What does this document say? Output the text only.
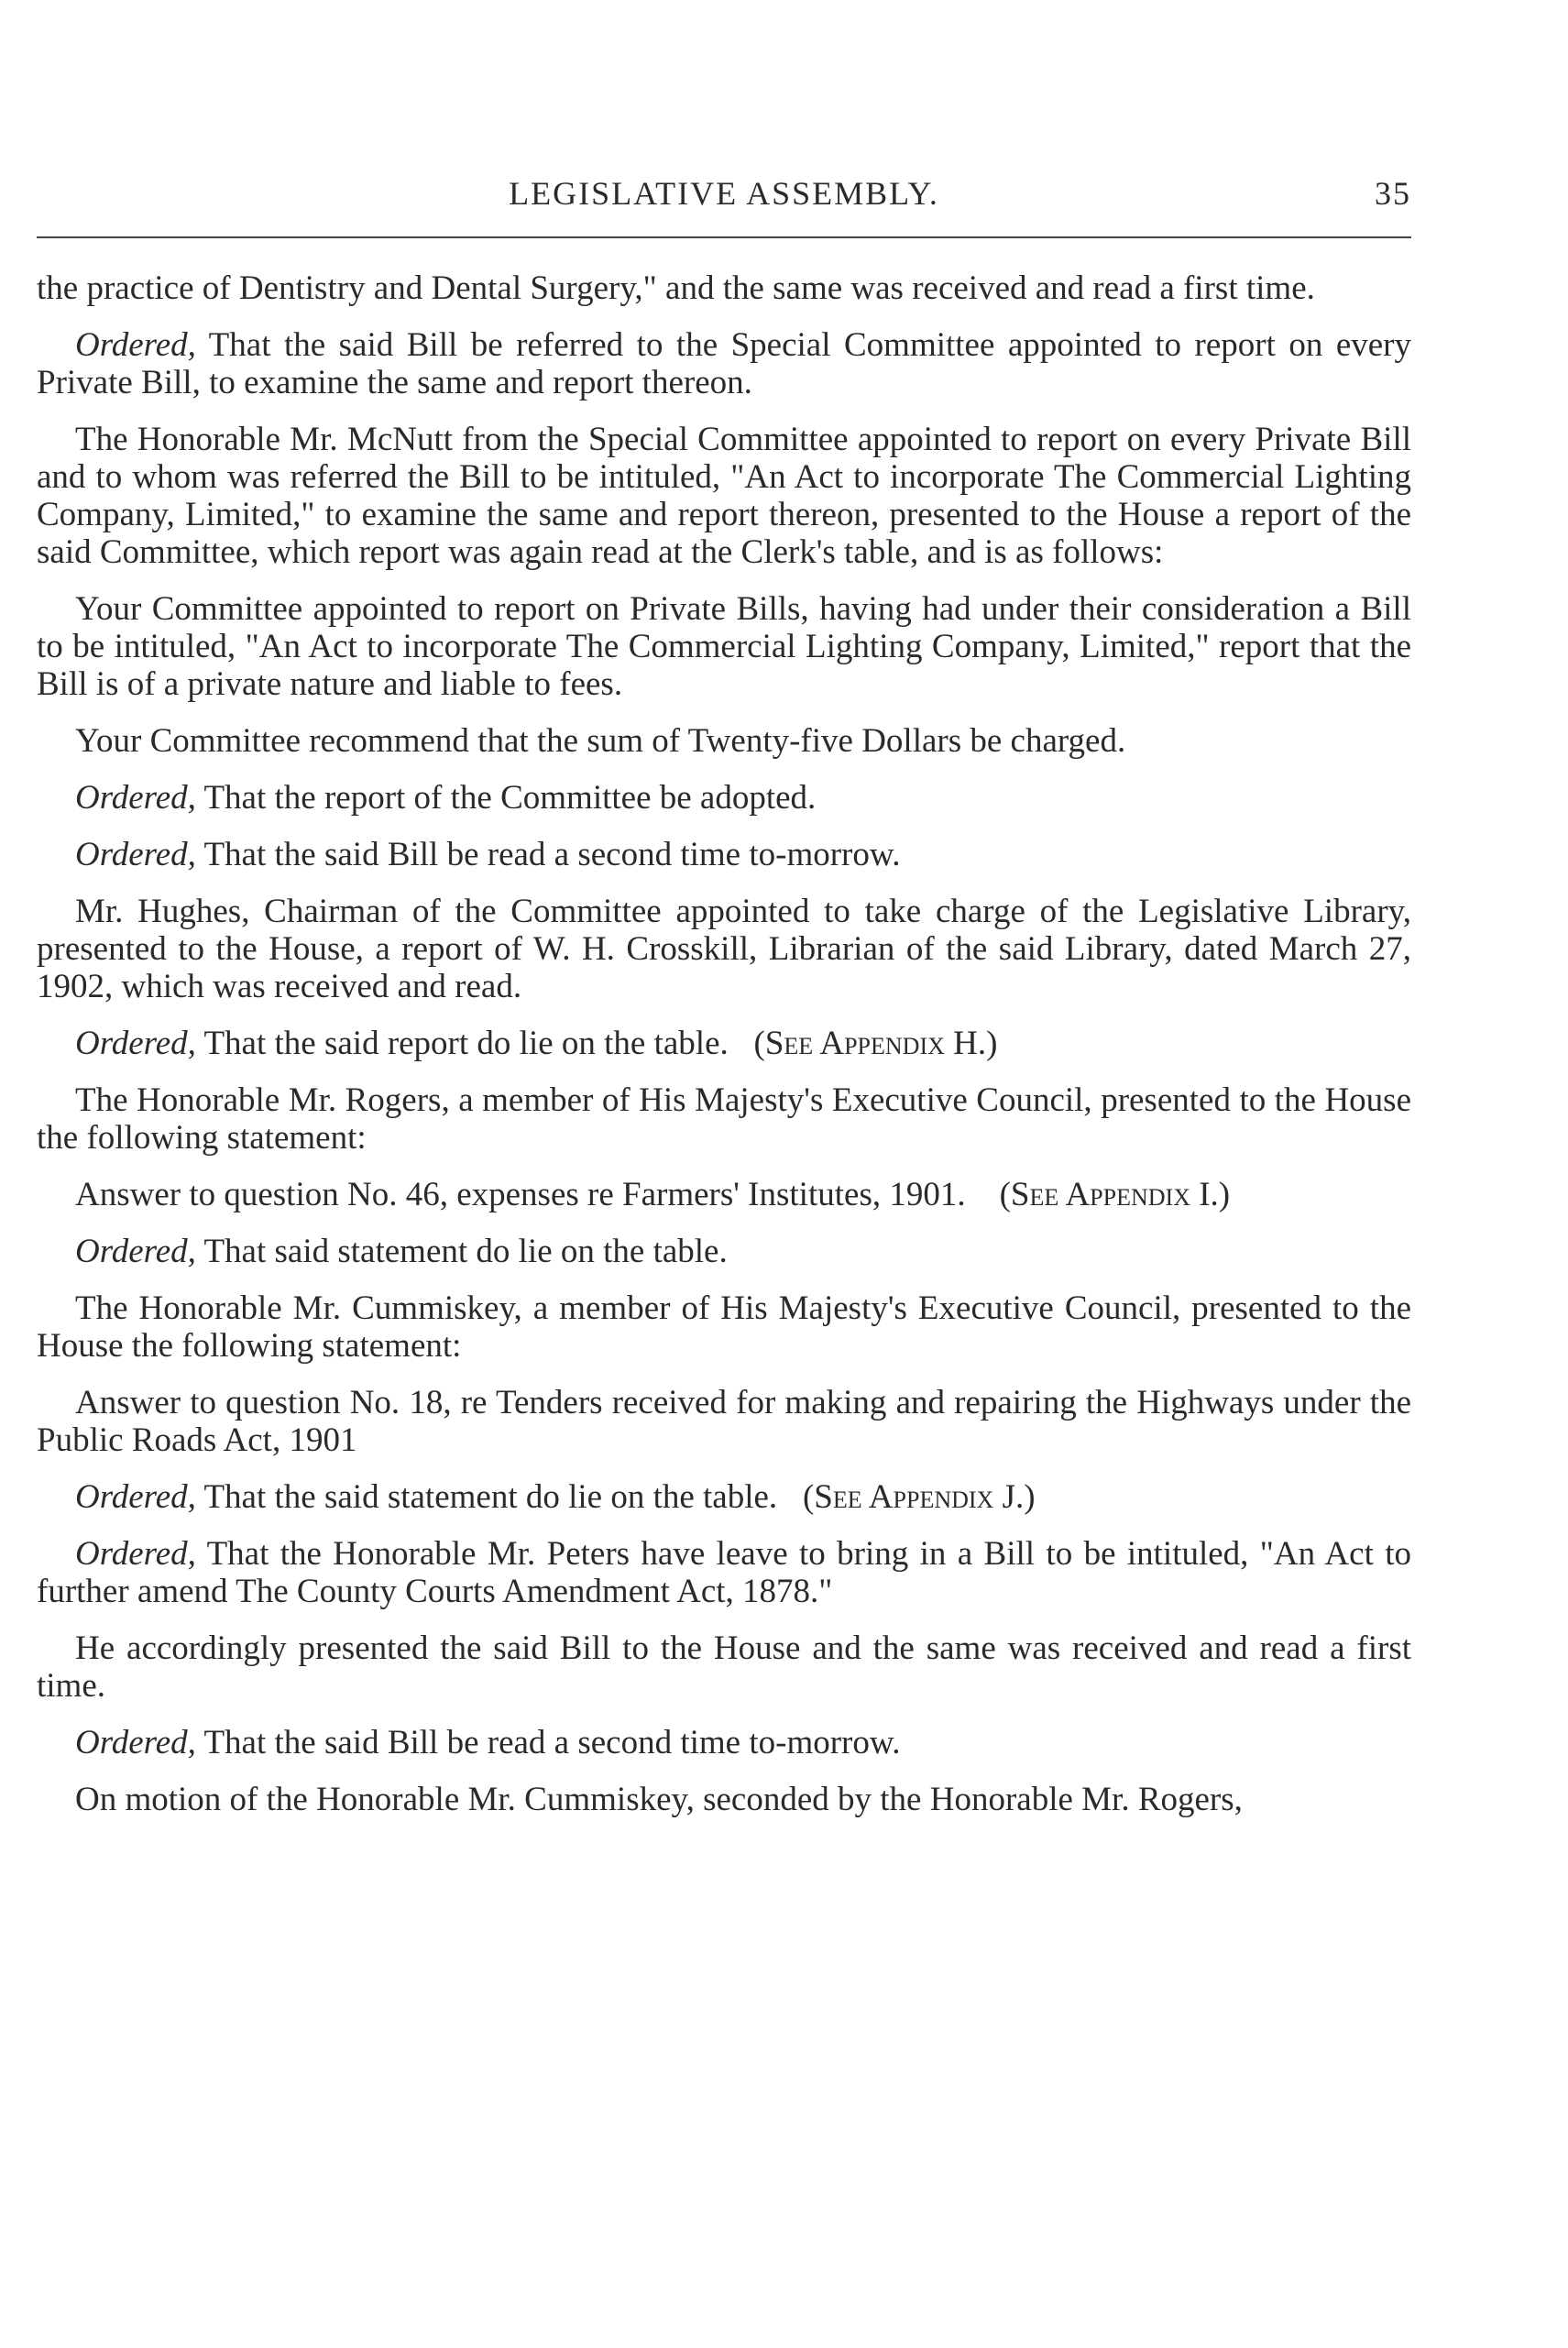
LEGISLATIVE ASSEMBLY.	35

the practice of Dentistry and Dental Surgery," and the same was received and read a first time.

Ordered, That the said Bill be referred to the Special Committee appointed to report on every Private Bill, to examine the same and report thereon.

The Honorable Mr. McNutt from the Special Committee appointed to report on every Private Bill and to whom was referred the Bill to be intituled, "An Act to incorporate The Commercial Lighting Company, Limited," to examine the same and report thereon, presented to the House a report of the said Committee, which report was again read at the Clerk's table, and is as follows:

Your Committee appointed to report on Private Bills, having had under their consideration a Bill to be intituled, "An Act to incorporate The Commercial Lighting Company, Limited," report that the Bill is of a private nature and liable to fees.

Your Committee recommend that the sum of Twenty-five Dollars be charged.

Ordered, That the report of the Committee be adopted.

Ordered, That the said Bill be read a second time to-morrow.

Mr. Hughes, Chairman of the Committee appointed to take charge of the Legislative Library, presented to the House, a report of W. H. Crosskill, Librarian of the said Library, dated March 27, 1902, which was received and read.

Ordered, That the said report do lie on the table. (See Appendix H.)

The Honorable Mr. Rogers, a member of His Majesty's Executive Council, presented to the House the following statement:

Answer to question No. 46, expenses re Farmers' Institutes, 1901. (See Appendix I.)

Ordered, That said statement do lie on the table.

The Honorable Mr. Cummiskey, a member of His Majesty's Executive Council, presented to the House the following statement:

Answer to question No. 18, re Tenders received for making and repairing the Highways under the Public Roads Act, 1901

Ordered, That the said statement do lie on the table. (See Appendix J.)

Ordered, That the Honorable Mr. Peters have leave to bring in a Bill to be intituled, "An Act to further amend The County Courts Amendment Act, 1878."

He accordingly presented the said Bill to the House and the same was received and read a first time.

Ordered, That the said Bill be read a second time to-morrow.

On motion of the Honorable Mr. Cummiskey, seconded by the Honorable Mr. Rogers,
